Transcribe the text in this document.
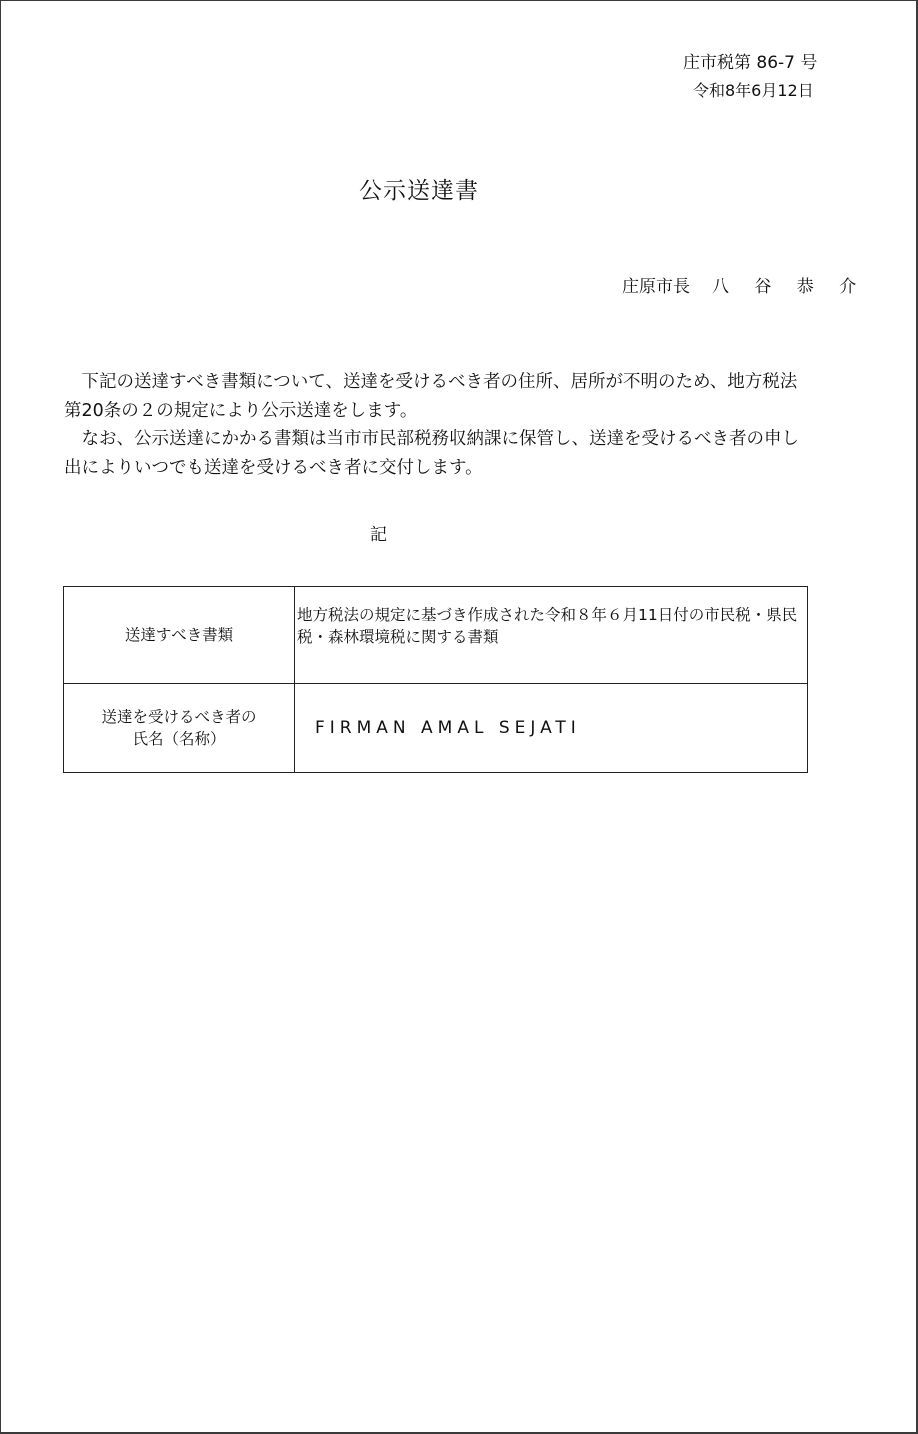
庄市税第 86-7 号
令和8年6月12日
公示送達書
庄原市長 八 谷 恭 介

　下記の送達すべき書類について、送達を受けるべき者の住所、居所が不明のため、地方税法第20条の２の規定により公示送達をします。

　なお、公示送達にかかる書類は当市市民部税務収納課に保管し、送達を受けるべき者の申し出によりいつでも送達を受けるべき者に交付します。

記
送達すべき書類	地方税法の規定に基づき作成された令和８年６月11日付の市民税・県民税・森林環境税に関する書類
送達を受けるべき者の
氏名（名称）	FIRMAN AMAL SEJATI
